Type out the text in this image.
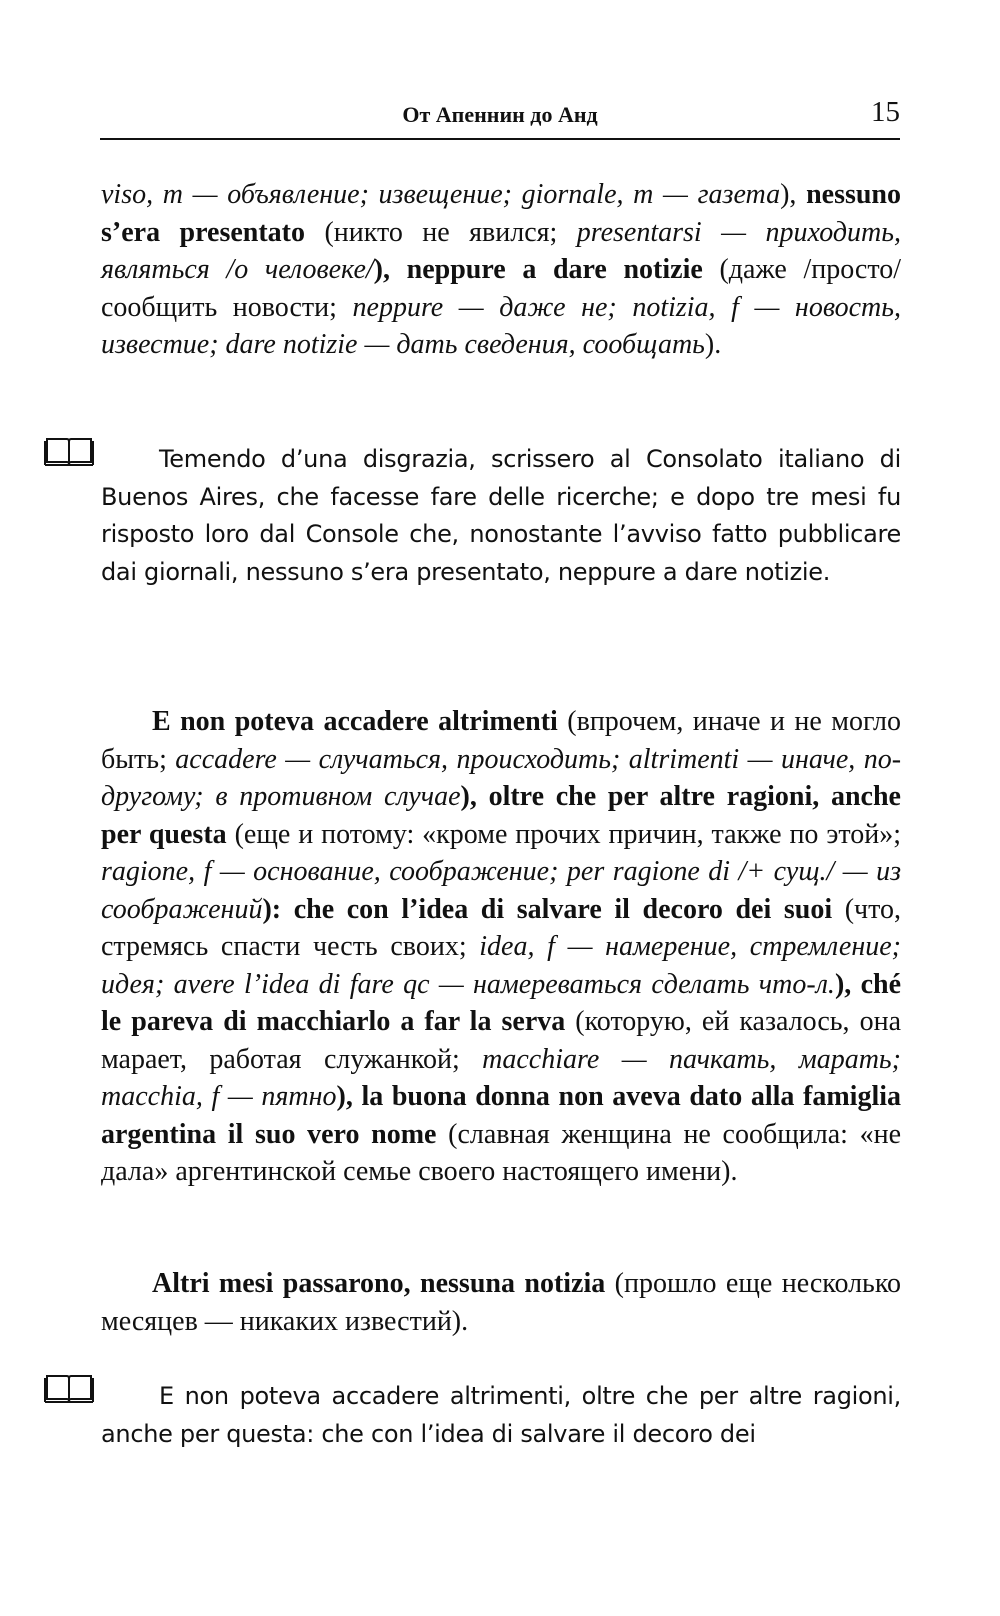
От Апеннин до Анд	15

viso, m — объявление; извещение; giornale, m — газета), nessuno s’era presentato (никто не явился; presentarsi — приходить, являться /о человеке/), neppure a dare notizie (даже /просто/ сообщить новости; neppure — даже не; notizia, f — новость, известие; dare notizie — дать сведения, сообщать).

Temendo d’una disgrazia, scrissero al Consolato italiano di Buenos Aires, che facesse fare delle ricerche; e dopo tre mesi fu risposto loro dal Console che, nonostante l’avviso fatto pubblicare dai giornali, nessuno s’era presentato, neppure a dare notizie.

E non poteva accadere altrimenti (впрочем, иначе и не могло быть; accadere — случаться, происходить; altrimenti — иначе, по-другому; в противном случае), oltre che per altre ragioni, anche per questa (еще и потому: «кроме прочих причин, также по этой»; ragione, f — основание, соображение; per ragione di /+ сущ./ — из соображений): che con l’idea di salvare il decoro dei suoi (что, стремясь спасти честь своих; idea, f — намерение, стремление; идея; avere l’idea di fare qc — намереваться сделать что-л.), ché le pareva di macchiarlo a far la serva (которую, ей казалось, она марает, работая служанкой; macchiare — пачкать, марать; macchia, f — пятно), la buona donna non aveva dato alla famiglia argentina il suo vero nome (славная женщина не сообщила: «не дала» аргентинской семье своего настоящего имени).

Altri mesi passarono, nessuna notizia (прошло еще несколько месяцев — никаких известий).

E non poteva accadere altrimenti, oltre che per altre ragioni, anche per questa: che con l’idea di salvare il decoro dei
